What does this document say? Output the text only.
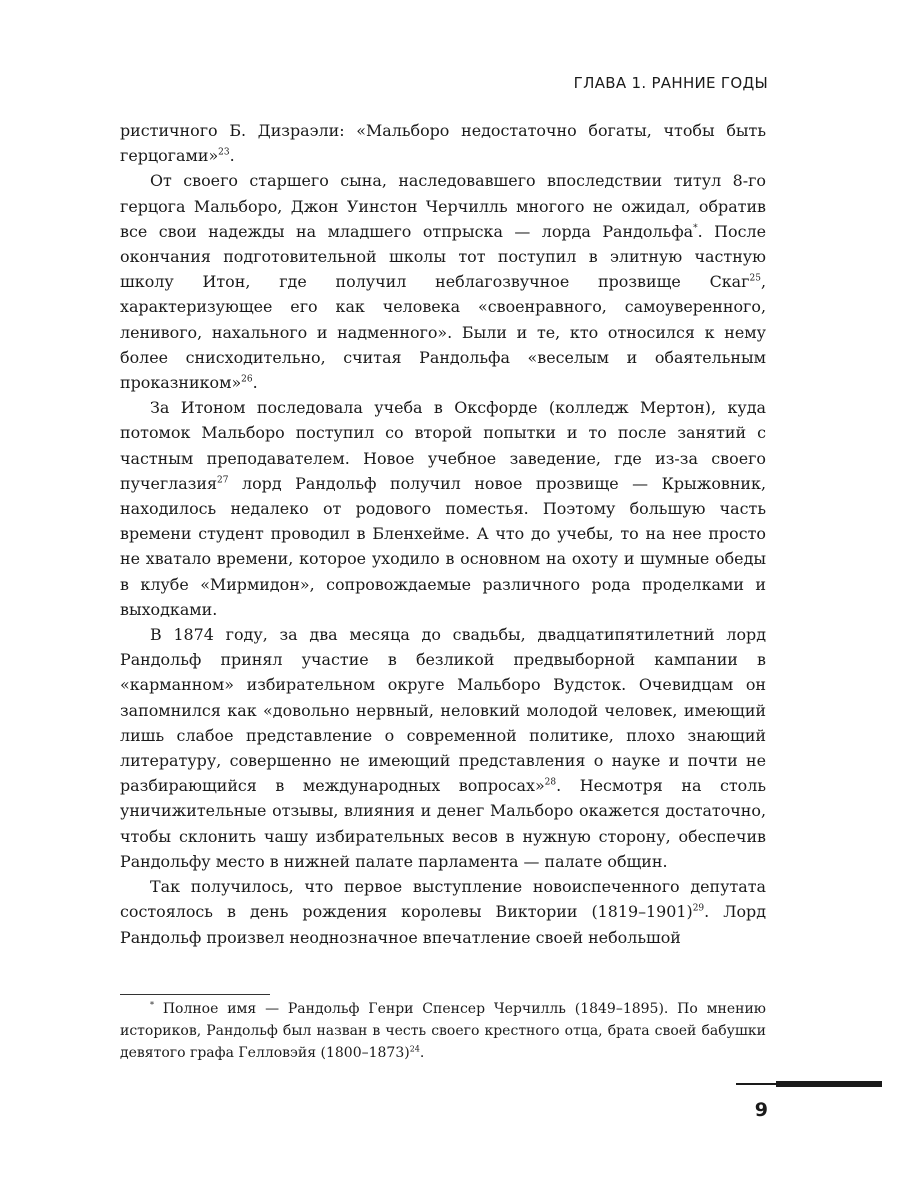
ГЛАВА 1. РАННИЕ ГОДЫ

ристичного Б. Дизраэли: «Мальборо недостаточно богаты, чтобы быть герцогами»$^{23}$.

От своего старшего сына, наследовавшего впоследствии титул 8-го герцога Мальборо, Джон Уинстон Черчилль многого не ожидал, обратив все свои надежды на младшего отпрыска — лорда Рандольфа*. После окончания подготовительной школы тот поступил в элитную частную школу Итон, где получил неблагозвучное прозвище Скаг$^{25}$, характеризующее его как человека «своенравного, самоуверенного, ленивого, нахального и надменного». Были и те, кто относился к нему более снисходительно, считая Рандольфа «веселым и обаятельным проказником»$^{26}$.

За Итоном последовала учеба в Оксфорде (колледж Мертон), куда потомок Мальборо поступил со второй попытки и то после занятий с частным преподавателем. Новое учебное заведение, где из-за своего пучеглазия$^{27}$ лорд Рандольф получил новое прозвище — Крыжовник, находилось недалеко от родового поместья. Поэтому большую часть времени студент проводил в Бленхейме. А что до учебы, то на нее просто не хватало времени, которое уходило в основном на охоту и шумные обеды в клубе «Мирмидон», сопровождаемые различного рода проделками и выходками.

В 1874 году, за два месяца до свадьбы, двадцатипятилетний лорд Рандольф принял участие в безликой предвыборной кампании в «карманном» избирательном округе Мальборо Вудсток. Очевидцам он запомнился как «довольно нервный, неловкий молодой человек, имеющий лишь слабое представление о современной политике, плохо знающий литературу, совершенно не имеющий представления о науке и почти не разбирающийся в международных вопросах»$^{28}$. Несмотря на столь уничижительные отзывы, влияния и денег Мальборо окажется достаточно, чтобы склонить чашу избирательных весов в нужную сторону, обеспечив Рандольфу место в нижней палате парламента — палате общин.

Так получилось, что первое выступление новоиспеченного депутата состоялось в день рождения королевы Виктории (1819–1901)$^{29}$. Лорд Рандольф произвел неоднозначное впечатление своей небольшой

* Полное имя — Рандольф Генри Спенсер Черчилль (1849–1895). По мнению историков, Рандольф был назван в честь своего крестного отца, брата своей бабушки девятого графа Гелловэйя (1800–1873)$^{24}$.

9
